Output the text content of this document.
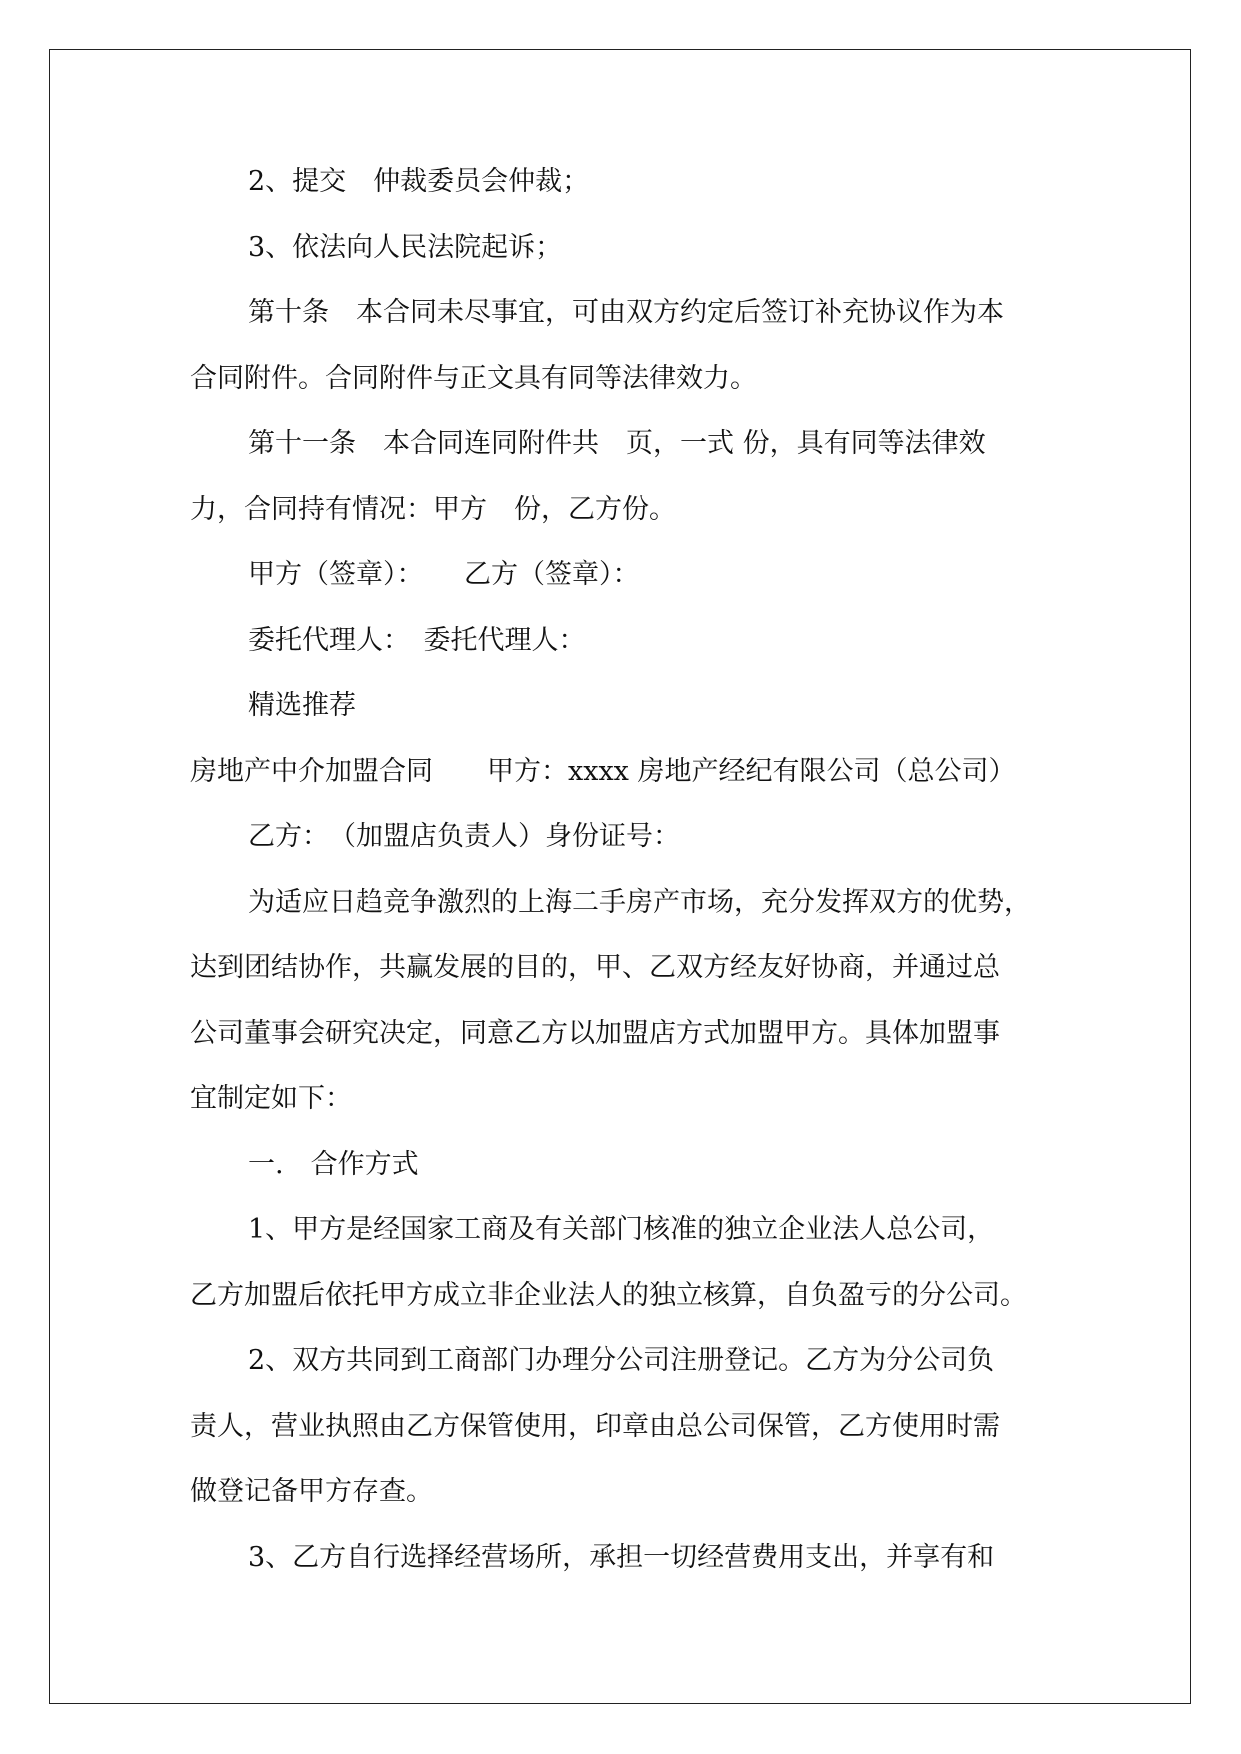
2、提交　仲裁委员会仲裁；
3、依法向人民法院起诉；
第十条　本合同未尽事宜，可由双方约定后签订补充协议作为本
合同附件。合同附件与正文具有同等法律效力。
第十一条　本合同连同附件共　页，一式 份，具有同等法律效
力，合同持有情况：甲方　份，乙方份。
甲方（签章）：　　乙方（签章）：
委托代理人：　委托代理人：
精选推荐
房地产中介加盟合同　　甲方：xxxx 房地产经纪有限公司（总公司）
乙方：　（加盟店负责人）身份证号：
为适应日趋竞争激烈的上海二手房产市场，充分发挥双方的优势，
达到团结协作，共赢发展的目的，甲、乙双方经友好协商，并通过总
公司董事会研究决定，同意乙方以加盟店方式加盟甲方。具体加盟事
宜制定如下：
一.　合作方式
1、甲方是经国家工商及有关部门核准的独立企业法人总公司，
乙方加盟后依托甲方成立非企业法人的独立核算，自负盈亏的分公司。
2、双方共同到工商部门办理分公司注册登记。乙方为分公司负
责人，营业执照由乙方保管使用，印章由总公司保管，乙方使用时需
做登记备甲方存查。
3、乙方自行选择经营场所，承担一切经营费用支出，并享有和
